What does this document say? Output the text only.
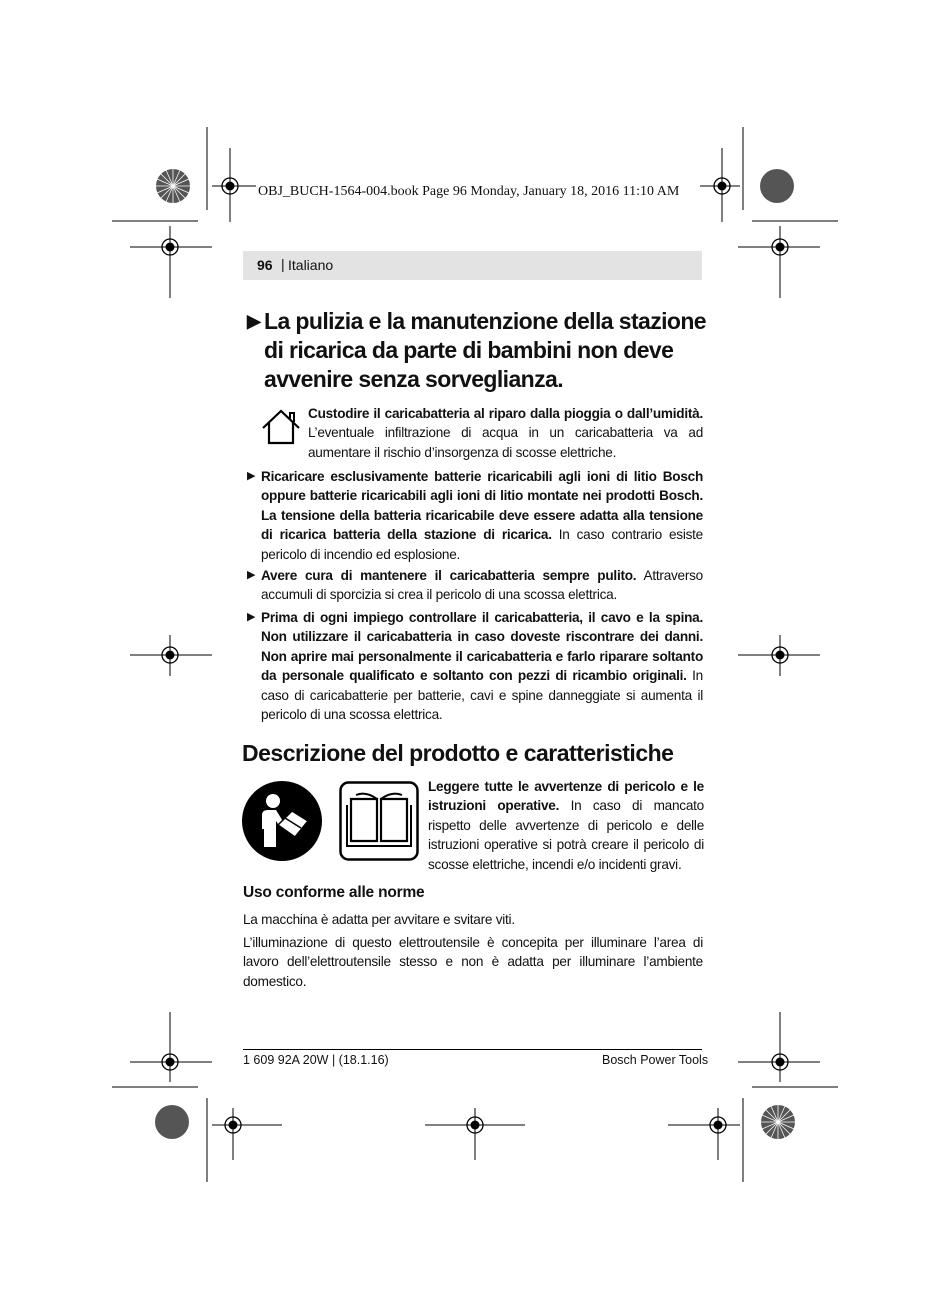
OBJ_BUCH-1564-004.book Page 96 Monday, January 18, 2016 11:10 AM
96 | Italiano
▶ La pulizia e la manutenzione della stazione di ricarica da parte di bambini non deve avvenire senza sorveglianza.
Custodire il caricabatteria al riparo dalla pioggia o dall’umidità. L’eventuale infiltrazione di acqua in un caricabatteria va ad aumentare il rischio d’insorgenza di scosse elettriche.
▶ Ricaricare esclusivamente batterie ricaricabili agli ioni di litio Bosch oppure batterie ricaricabili agli ioni di litio montate nei prodotti Bosch. La tensione della batteria ricaricabile deve essere adatta alla tensione di ricarica batteria della stazione di ricarica. In caso contrario esiste pericolo di incendio ed esplosione.
▶ Avere cura di mantenere il caricabatteria sempre pulito. Attraverso accumuli di sporcizia si crea il pericolo di una scossa elettrica.
▶ Prima di ogni impiego controllare il caricabatteria, il cavo e la spina. Non utilizzare il caricabatteria in caso doveste riscontrare dei danni. Non aprire mai personalmente il caricabatteria e farlo riparare soltanto da personale qualificato e soltanto con pezzi di ricambio originali. In caso di caricabatterie per batterie, cavi e spine danneggiate si aumenta il pericolo di una scossa elettrica.
Descrizione del prodotto e caratteristiche
Leggere tutte le avvertenze di pericolo e le istruzioni operative. In caso di mancato rispetto delle avvertenze di pericolo e delle istruzioni operative si potrà creare il pericolo di scosse elettriche, incendi e/o incidenti gravi.
Uso conforme alle norme
La macchina è adatta per avvitare e svitare viti.
L’illuminazione di questo elettroutensile è concepita per illuminare l’area di lavoro dell’elettroutensile stesso e non è adatta per illuminare l’ambiente domestico.
1 609 92A 20W | (18.1.16)	Bosch Power Tools
